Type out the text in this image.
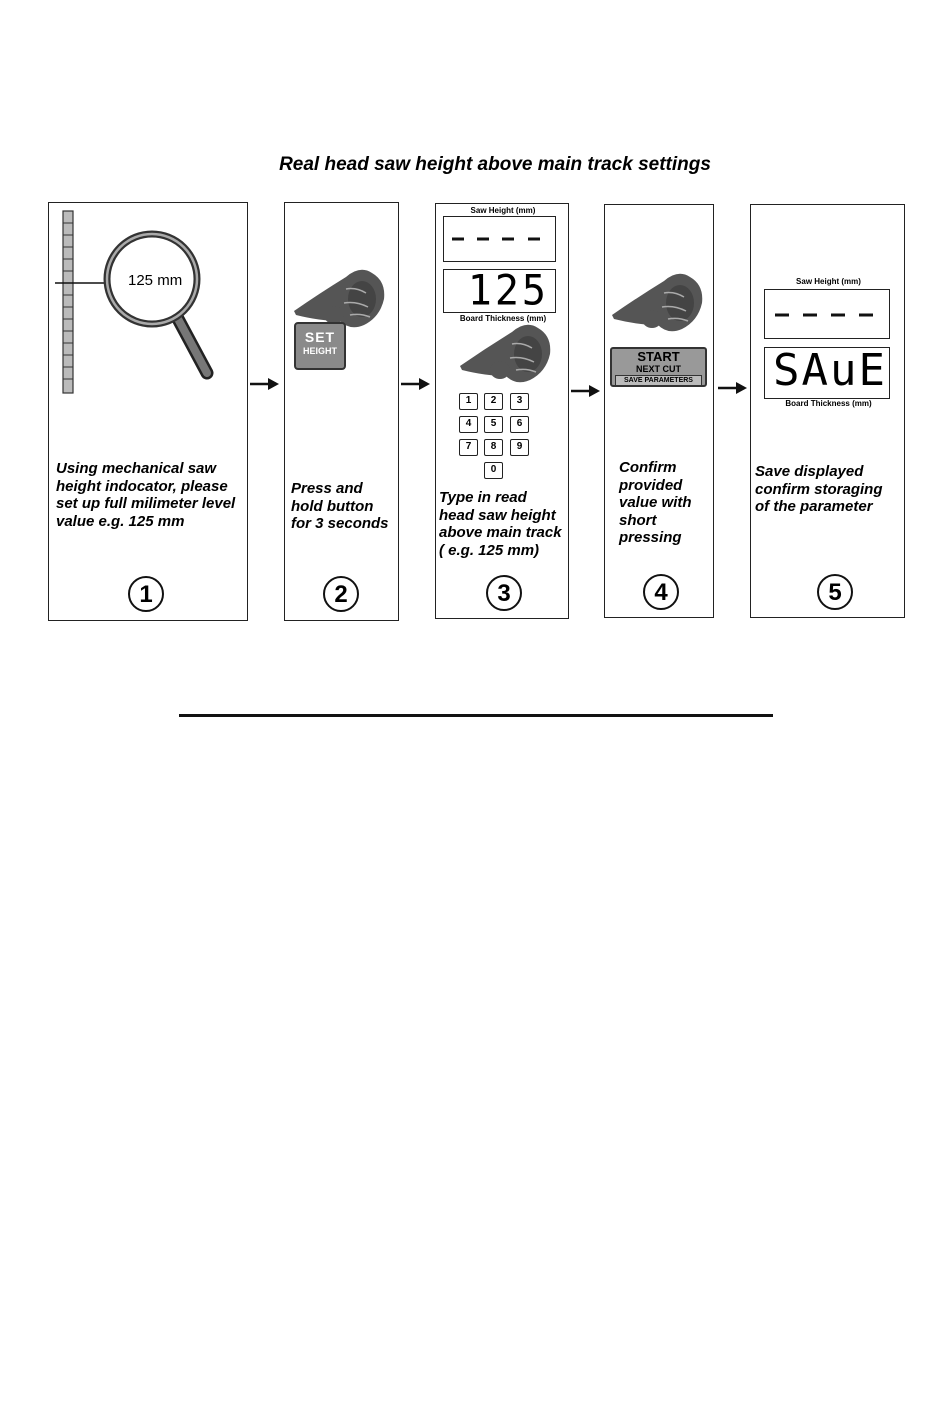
Real head saw height above main track settings
125 mm
Using mechanical saw
height indocator, please
set up full milimeter level
value e.g. 125 mm
1
SET
HEIGHT
Press and
hold button
for 3 seconds
2
Saw Height (mm)
125
Board Thickness (mm)
1	2	3
4	5	6
7	8	9
0
Type in read
head saw height
above main track
( e.g. 125 mm)
3
START
NEXT CUT
SAVE PARAMETERS
Confirm
provided
value with
short
pressing
4
Saw Height (mm)
SAuE
Board Thickness (mm)
Save displayed
confirm storaging
of the parameter
5
